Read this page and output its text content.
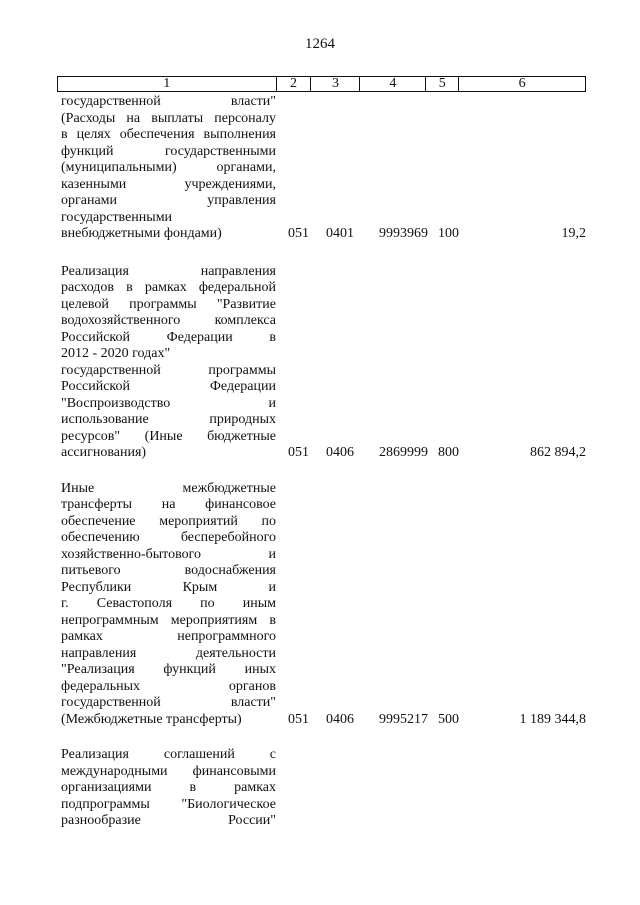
1264
1	2	3	4	5	6
государственной власти"
(Расходы на выплаты персоналу
в целях обеспечения выполнения
функций государственными
(муниципальными) органами,
казенными учреждениями,
органами управления
государственными
внебюджетными фондами)	051 0401 9993969 100	19,2
Реализация направления
расходов в рамках федеральной
целевой программы "Развитие
водохозяйственного комплекса
Российской Федерации в
2012 - 2020 годах"
государственной программы
Российской Федерации
"Воспроизводство и
использование природных
ресурсов" (Иные бюджетные
ассигнования)	051 0406 2869999 800	862 894,2
Иные межбюджетные
трансферты на финансовое
обеспечение мероприятий по
обеспечению бесперебойного
хозяйственно-бытового и
питьевого водоснабжения
Республики Крым и
г. Севастополя по иным
непрограммным мероприятиям в
рамках непрограммного
направления деятельности
"Реализация функций иных
федеральных органов
государственной власти"
(Межбюджетные трансферты)	051 0406 9995217 500	1 189 344,8
Реализация соглашений с
международными финансовыми
организациями в рамках
подпрограммы "Биологическое
разнообразие России"
